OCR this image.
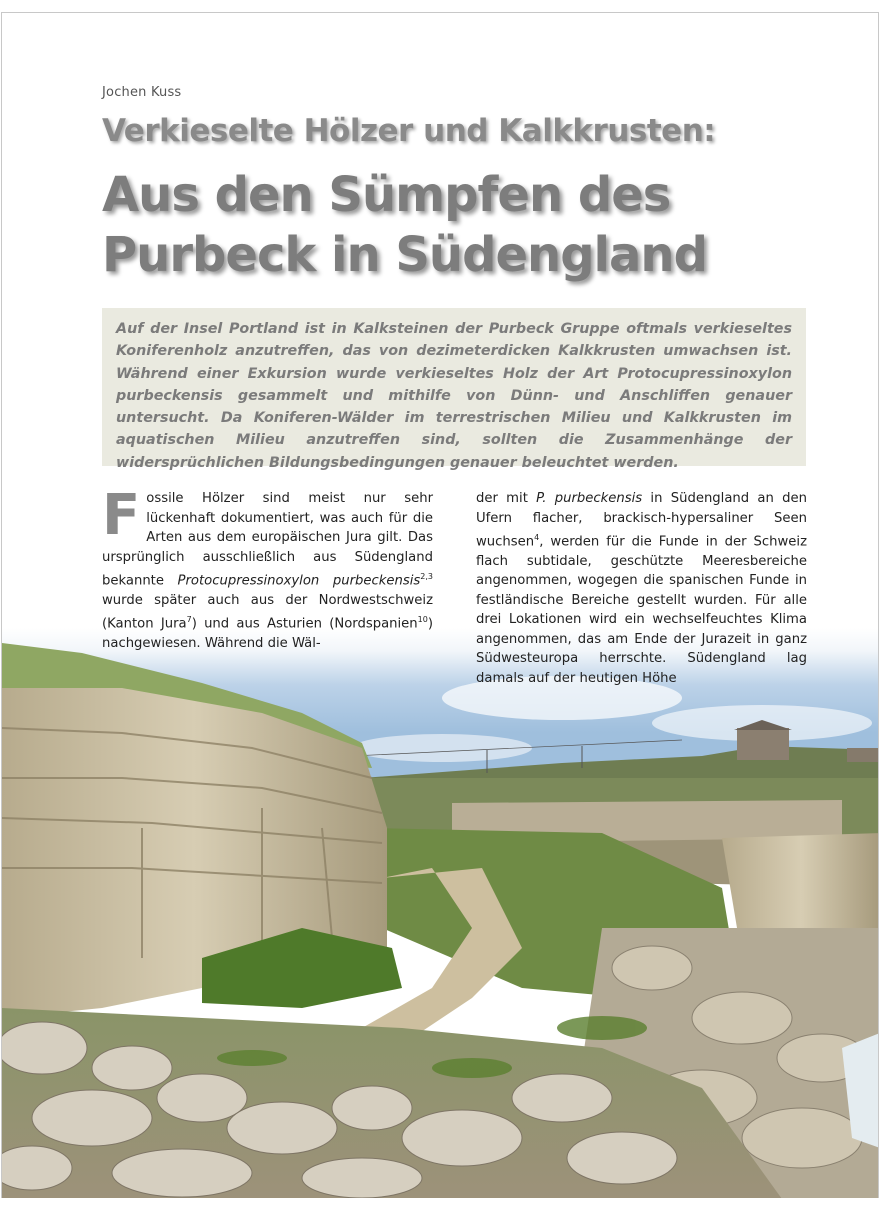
Jochen Kuss
Verkieselte Hölzer und Kalkkrusten:
Aus den Sümpfen des
Purbeck in Südengland

Auf der Insel Portland ist in Kalksteinen der Purbeck Gruppe oftmals verkieseltes Koniferenholz anzutreffen, das von dezimeterdicken Kalkkrusten umwachsen ist. Während einer Exkursion wurde verkieseltes Holz der Art Protocupressinoxylon purbeckensis gesammelt und mithilfe von Dünn- und Anschliffen genauer untersucht. Da Koniferen-Wälder im terrestrischen Milieu und Kalkkrusten im aquatischen Milieu anzutreffen sind, sollten die Zusammenhänge der widersprüchlichen Bildungsbedingungen genauer beleuchtet werden.

Fossile Hölzer sind meist nur sehr lückenhaft dokumentiert, was auch für die Arten aus dem europäischen Jura gilt. Das ursprünglich ausschließlich aus Südengland bekannte Protocupressinoxylon purbeckensis$^{2,3}$ wurde später auch aus der Nordwestschweiz (Kanton Jura$^7$) und aus Asturien (Nordspanien$^{10}$) nachgewiesen. Während die Wäl-
der mit P. purbeckensis in Südengland an den Ufern flacher, brackisch-hypersaliner Seen wuchsen$^4$, werden für die Funde in der Schweiz flach subtidale, geschützte Meeresbereiche angenommen, wogegen die spanischen Funde in festländische Bereiche gestellt wurden. Für alle drei Lokationen wird ein wechselfeuchtes Klima angenommen, das am Ende der Jurazeit in ganz Südwesteuropa herrschte. Südengland lag damals auf der heutigen Höhe
